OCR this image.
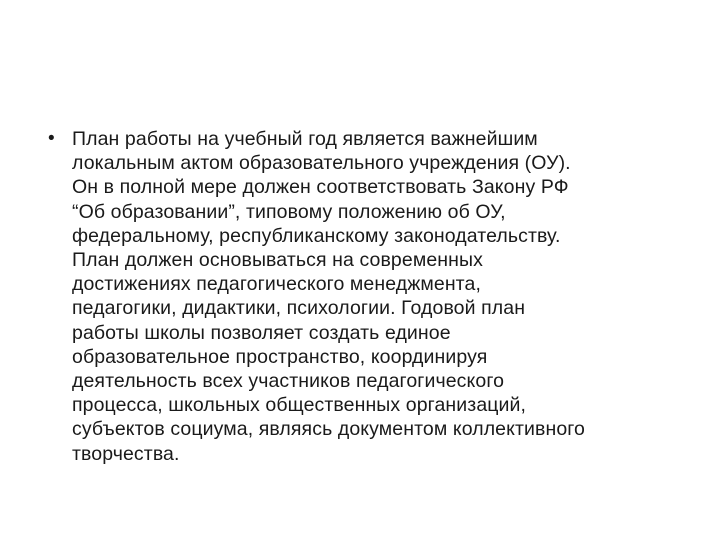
• План работы на учебный год является важнейшим
локальным актом образовательного учреждения (ОУ).
Он в полной мере должен соответствовать Закону РФ
“Об образовании”, типовому положению об ОУ,
федеральному, республиканскому законодательству.
План должен основываться на современных
достижениях педагогического менеджмента,
педагогики, дидактики, психологии. Годовой план
работы школы позволяет создать единое
образовательное пространство, координируя
деятельность всех участников педагогического
процесса, школьных общественных организаций,
субъектов социума, являясь документом коллективного
творчества.
